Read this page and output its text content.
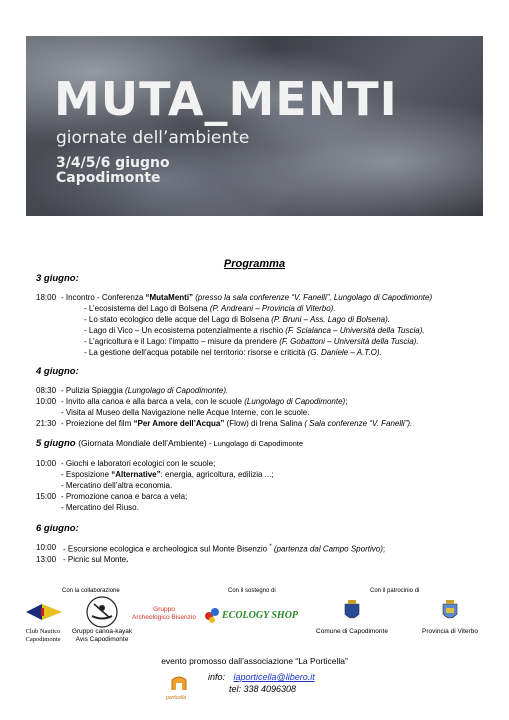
MUTA_MENTI
giornate dell’ambiente
3/4/5/6 giugno
Capodimonte
Programma
3 giugno:
18:00 - Incontro - Conferenza “MutaMenti” (presso la sala conferenze “V. Fanelli”, Lungolago di Capodimonte)
- L’ecosistema del Lago di Bolsena (P. Andreani – Provincia di Viterbo).
- Lo stato ecologico delle acque del Lago di Bolsena (P. Bruni – Ass. Lago di Bolsena).
- Lago di Vico – Un ecosistema potenzialmente a rischio (F. Scialanca – Università della Tuscia).
- L’agricoltura e il Lago: l’impatto – misure da prendere (F. Gobattoni – Università della Tuscia).
- La gestione dell’acqua potabile nel territorio: risorse e criticità (G. Daniele – A.T.O).
4 giugno:
08:30 - Pulizia Spiaggia (Lungolago di Capodimonte).
10:00 - Invito alla canoa e alla barca a vela, con le scuole (Lungolago di Capodimonte);
- Visita al Museo della Navigazione nelle Acque Interne, con le scuole.
21:30 - Proiezione del film “Per Amore dell’Acqua” (Flow) di Irena Salina ( Sala conferenze “V. Fanelli”).
5 giugno (Giornata Mondiale dell’Ambiente) - Lungolago di Capodimonte
10:00 - Giochi e laboratori ecologici con le scuole;
- Esposizione “Alternative”: energia, agricoltura, edilizia ...;
- Mercatino dell’altra economia.
15:00 - Promozione canoa e barca a vela;
- Mercatino del Riuso.
6 giugno:
10:00 - Escursione ecologica e archeologica sul Monte Bisenzio * (partenza dal Campo Sportivo);
13:00 - Picnic sul Monte.
Con la collaborazione	Con il sostegno di	Con il patrocinio di
Club Nautico
Capodimonte
Gruppo canoa-kayak
Avis Capodimonte
Gruppo
Archeologico Bisenzio	ECOLOGY SHOP
Comune di Capodimonte	Provincia di Viterbo
evento promosso dall’associazione “La Porticella”
porticella
info: laporticella@libero.it
tel: 338 4096308
